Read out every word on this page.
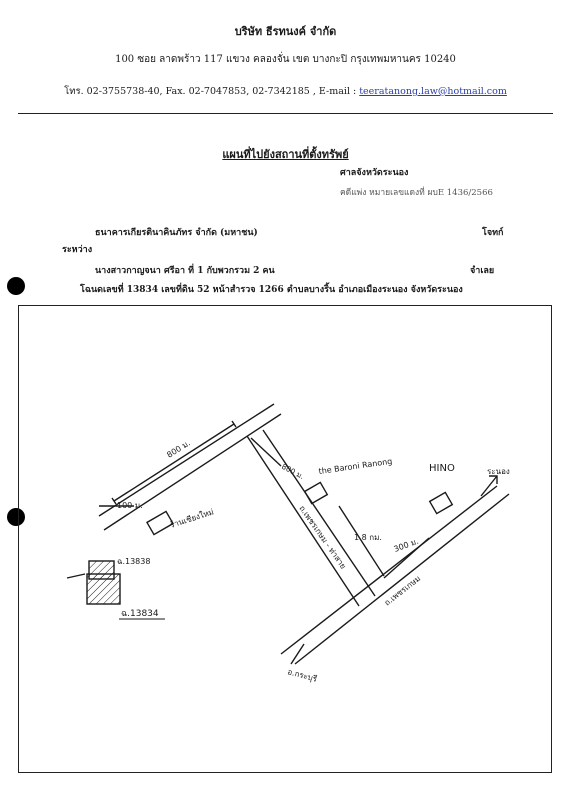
บริษัท ธีรทนงค์ จำกัด
100 ซอย ลาดพร้าว 117 แขวง คลองจั่น เขต บางกะปิ กรุงเทพมหานคร 10240
โทร. 02-3755738-40, Fax. 02-7047853, 02-7342185 , E-mail : teeratanong.law@hotmail.com
แผนที่ไปยังสถานที่ตั้งทรัพย์
ศาลจังหวัดระนอง
คดีแพ่ง หมายเลขแดงที่ ผบE 1436/2566
ธนาคารเกียรตินาคินภัทร จำกัด (มหาชน)	โจทก์
ระหว่าง
นางสาวกาญจนา ศรีอา ที่ 1 กับพวกรวม 2 คน	จำเลย
โฉนดเลขที่ 13834 เลขที่ดิน 52 หน้าสำรวจ 1266 ตำบลบางริ้น อำเภอเมืองระนอง จังหวัดระนอง
800 ม.
100 ม.
ร้านเชียงใหม่
ฉ.13838
ฉ.13834
800 ม. the Baroni Ranong
ถ.เพชรเกษม - ท่าสาย 1.8 กม. 300 ม.
HINO	ระนอง
ถ.เพชรเกษม
อ.กระบุรี
